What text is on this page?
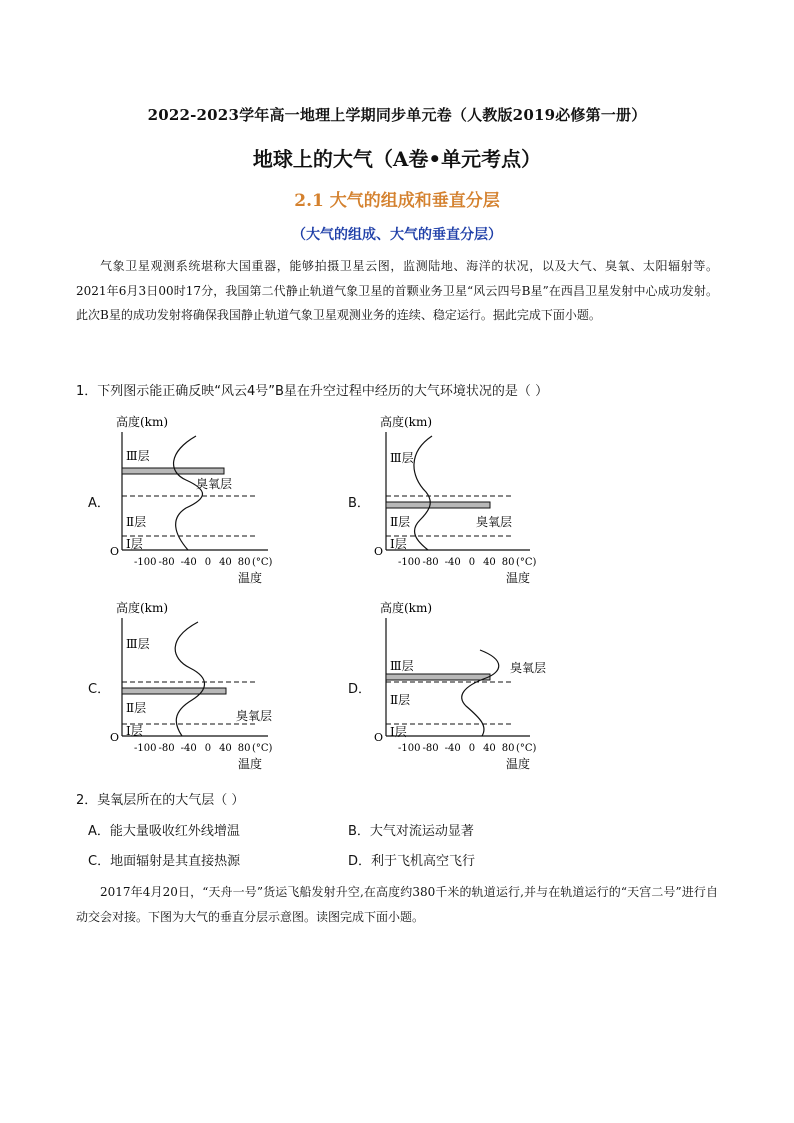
2022-2023学年高一地理上学期同步单元卷（人教版2019必修第一册）
地球上的大气（A卷•单元考点）
2.1 大气的组成和垂直分层
（大气的组成、大气的垂直分层）
气象卫星观测系统堪称大国重器，能够拍摄卫星云图，监测陆地、海洋的状况，以及大气、臭氧、太阳辐射等。2021年6月3日00时17分，我国第二代静止轨道气象卫星的首颗业务卫星“风云四号B星”在西昌卫星发射中心成功发射。此次B星的成功发射将确保我国静止轨道气象卫星观测业务的连续、稳定运行。据此完成下面小题。
1．下列图示能正确反映“风云4号”B星在升空过程中经历的大气环境状况的是（ ）
A．	B．
C．	D．
高度(km)
O
Ⅲ层
臭氧层
Ⅱ层
Ⅰ层
-100 -80 -40 0 40 80 (°C)
温度
高度(km)
O
Ⅲ层
Ⅱ层	臭氧层
Ⅰ层
-100 -80 -40 0 40 80 (°C)
温度
高度(km)
O
Ⅲ层
Ⅱ层
臭氧层
Ⅰ层
-100 -80 -40 0 40 80 (°C)
温度
高度(km)
O
Ⅲ层	臭氧层
Ⅱ层
Ⅰ层
-100 -80 -40 0 40 80 (°C)
温度
2．臭氧层所在的大气层（ ）
A．能大量吸收红外线增温	B．大气对流运动显著
C．地面辐射是其直接热源	D．利于飞机高空飞行
2017年4月20日，“天舟一号”货运飞船发射升空,在高度约380千米的轨道运行,并与在轨道运行的“天宫二号”进行自动交会对接。下图为大气的垂直分层示意图。读图完成下面小题。
